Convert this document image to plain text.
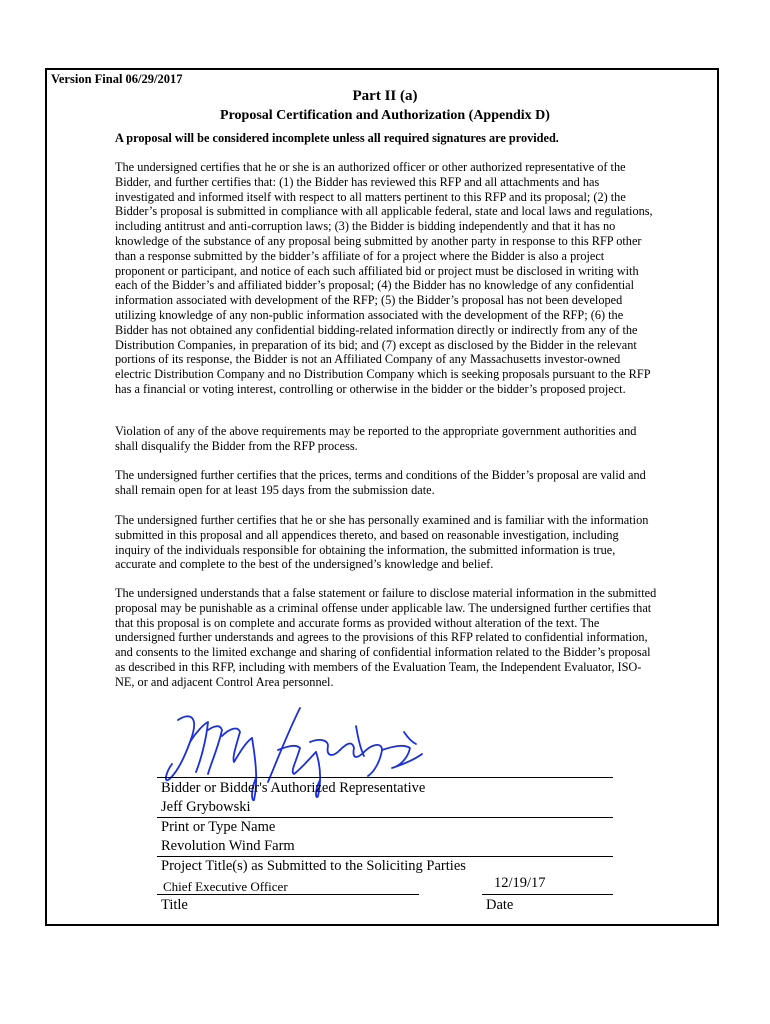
Version Final 06/29/2017
Part II (a)
Proposal Certification and Authorization (Appendix D)
A proposal will be considered incomplete unless all required signatures are provided.

The undersigned certifies that he or she is an authorized officer or other authorized representative of the Bidder, and further certifies that: (1) the Bidder has reviewed this RFP and all attachments and has investigated and informed itself with respect to all matters pertinent to this RFP and its proposal; (2) the Bidder’s proposal is submitted in compliance with all applicable federal, state and local laws and regulations, including antitrust and anti-corruption laws; (3) the Bidder is bidding independently and that it has no knowledge of the substance of any proposal being submitted by another party in response to this RFP other than a response submitted by the bidder’s affiliate of for a project where the Bidder is also a project proponent or participant, and notice of each such affiliated bid or project must be disclosed in writing with each of the Bidder’s and affiliated bidder’s proposal; (4) the Bidder has no knowledge of any confidential information associated with development of the RFP; (5) the Bidder’s proposal has not been developed utilizing knowledge of any non-public information associated with the development of the RFP; (6) the Bidder has not obtained any confidential bidding-related information directly or indirectly from any of the Distribution Companies, in preparation of its bid; and (7) except as disclosed by the Bidder in the relevant portions of its response, the Bidder is not an Affiliated Company of any Massachusetts investor-owned electric Distribution Company and no Distribution Company which is seeking proposals pursuant to the RFP has a financial or voting interest, controlling or otherwise in the bidder or the bidder’s proposed project.

Violation of any of the above requirements may be reported to the appropriate government authorities and shall disqualify the Bidder from the RFP process.

The undersigned further certifies that the prices, terms and conditions of the Bidder’s proposal are valid and shall remain open for at least 195 days from the submission date.

The undersigned further certifies that he or she has personally examined and is familiar with the information submitted in this proposal and all appendices thereto, and based on reasonable investigation, including inquiry of the individuals responsible for obtaining the information, the submitted information is true, accurate and complete to the best of the undersigned’s knowledge and belief.

The undersigned understands that a false statement or failure to disclose material information in the submitted proposal may be punishable as a criminal offense under applicable law. The undersigned further certifies that that this proposal is on complete and accurate forms as provided without alteration of the text. The undersigned further understands and agrees to the provisions of this RFP related to confidential information, and consents to the limited exchange and sharing of confidential information related to the Bidder’s proposal as described in this RFP, including with members of the Evaluation Team, the Independent Evaluator, ISO-NE, or and adjacent Control Area personnel.

Bidder or Bidder's Authorized Representative
Jeff Grybowski
Print or Type Name
Revolution Wind Farm
Project Title(s) as Submitted to the Soliciting Parties
Chief Executive Officer
Title
12/19/17
Date
